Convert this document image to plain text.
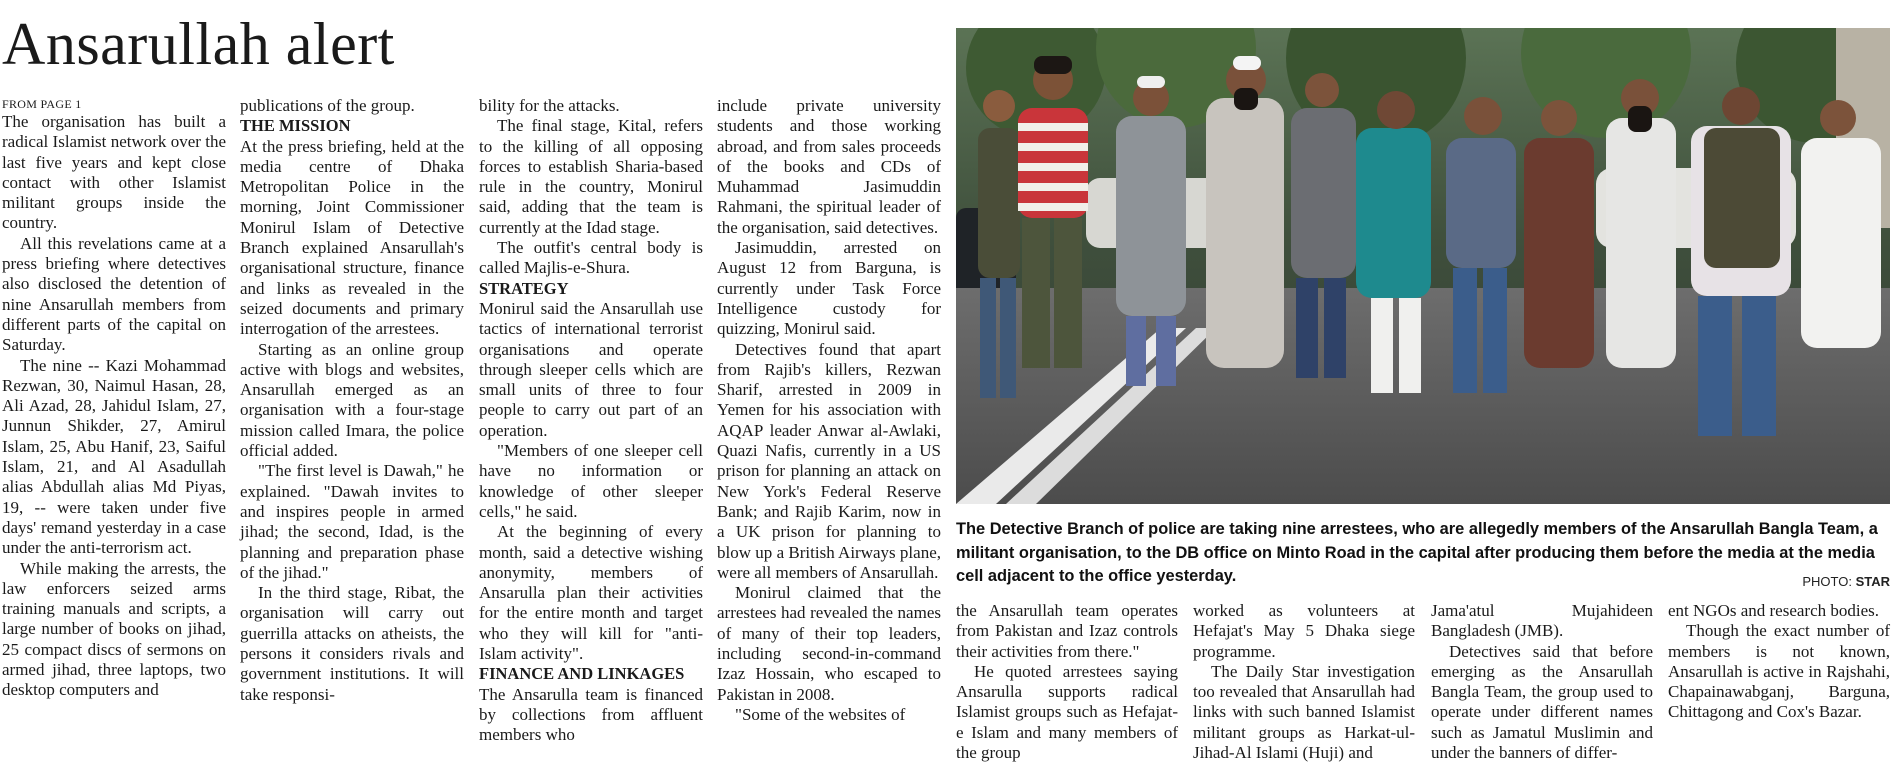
Ansarullah alert
FROM PAGE 1

The organisation has built a radical Islamist network over the last five years and kept close contact with other Islamist militant groups inside the country.

All this revelations came at a press briefing where detectives also disclosed the detention of nine Ansarullah members from different parts of the capital on Saturday.

The nine -- Kazi Mohammad Rezwan, 30, Naimul Hasan, 28, Ali Azad, 28, Jahidul Islam, 27, Junnun Shikder, 27, Amirul Islam, 25, Abu Hanif, 23, Saiful Islam, 21, and Al Asadullah alias Abdullah alias Md Piyas, 19, -- were taken under five days' remand yesterday in a case under the anti-terrorism act.

While making the arrests, the law enforcers seized arms training manuals and scripts, a large number of books on jihad, 25 compact discs of sermons on armed jihad, three laptops, two desktop computers and

publications of the group.

THE MISSION

At the press briefing, held at the media centre of Dhaka Metropolitan Police in the morning, Joint Commissioner Monirul Islam of Detective Branch explained Ansarullah's organisational structure, finance and links as revealed in the seized documents and primary interrogation of the arrestees.

Starting as an online group active with blogs and websites, Ansarullah emerged as an organisation with a four-stage mission called Imara, the police official added.

"The first level is Dawah," he explained. "Dawah invites to and inspires people in armed jihad; the second, Idad, is the planning and preparation phase of the jihad."

In the third stage, Ribat, the organisation will carry out guerrilla attacks on atheists, the persons it considers rivals and government institutions. It will take responsi-

bility for the attacks.

The final stage, Kital, refers to the killing of all opposing forces to establish Sharia-based rule in the country, Monirul said, adding that the team is currently at the Idad stage.

The outfit's central body is called Majlis-e-Shura.

STRATEGY

Monirul said the Ansarullah use tactics of international terrorist organisations and operate through sleeper cells which are small units of three to four people to carry out part of an operation.

"Members of one sleeper cell have no information or knowledge of other sleeper cells," he said.

At the beginning of every month, said a detective wishing anonymity, members of Ansarulla plan their activities for the entire month and target who they will kill for "anti-Islam activity".

FINANCE AND LINKAGES

The Ansarulla team is financed by collections from affluent members who

include private university students and those working abroad, and from sales proceeds of the books and CDs of Muhammad Jasimuddin Rahmani, the spiritual leader of the organisation, said detectives.

Jasimuddin, arrested on August 12 from Barguna, is currently under Task Force Intelligence custody for quizzing, Monirul said.

Detectives found that apart from Rajib's killers, Rezwan Sharif, arrested in 2009 in Yemen for his association with AQAP leader Anwar al-Awlaki, Quazi Nafis, currently in a US prison for planning an attack on New York's Federal Reserve Bank; and Rajib Karim, now in a UK prison for planning to blow up a British Airways plane, were all members of Ansarullah.

Monirul claimed that the arrestees had revealed the names of many of their top leaders, including second-in-command Izaz Hossain, who escaped to Pakistan in 2008.

"Some of the websites of

The Detective Branch of police are taking nine arrestees, who are allegedly members of the Ansarullah Bangla Team, a militant organisation, to the DB office on Minto Road in the capital after producing them before the media at the media cell adjacent to the office yesterday.	PHOTO: STAR

the Ansarullah team operates from Pakistan and Izaz controls their activities from there."

He quoted arrestees saying Ansarulla supports radical Islamist groups such as Hefajat-e Islam and many members of the group

worked as volunteers at Hefajat's May 5 Dhaka siege programme.

The Daily Star investigation too revealed that Ansarullah had links with such banned Islamist militant groups as Harkat-ul-Jihad-Al Islami (Huji) and

Jama'atul Mujahideen Bangladesh (JMB).

Detectives said that before emerging as the Ansarullah Bangla Team, the group used to operate under different names such as Jamatul Muslimin and under the banners of differ-

ent NGOs and research bodies.

Though the exact number of members is not known, Ansarullah is active in Rajshahi, Chapainawabganj, Barguna, Chittagong and Cox's Bazar.
